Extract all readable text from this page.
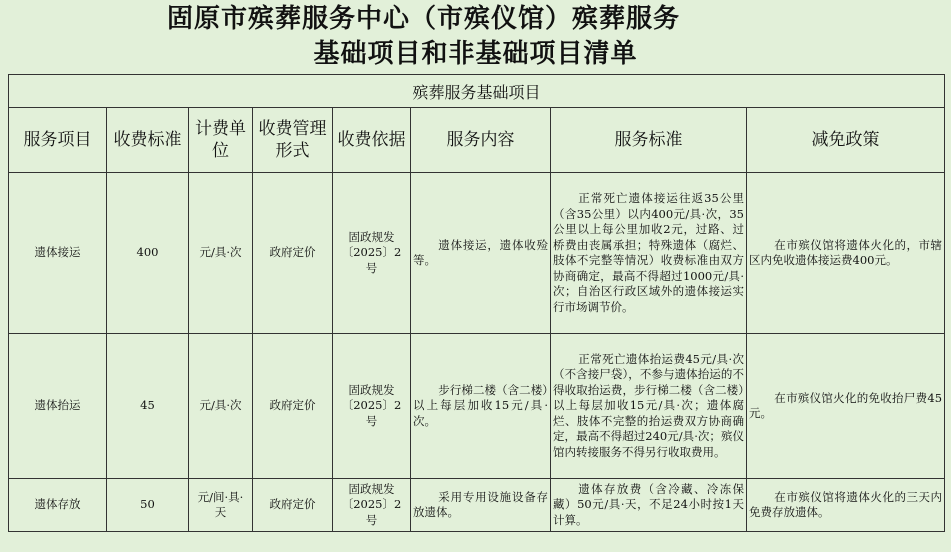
固原市殡葬服务中心（市殡仪馆）殡葬服务
基础项目和非基础项目清单
殡葬服务基础项目							
服务项目	收费标准	计费单位	收费管理形式	收费依据	服务内容	服务标准	减免政策
遗体接运	400	元/具·次	政府定价	固政规发〔2025〕2号	遗体接运，遗体收殓等。	正常死亡遗体接运往返35公里（含35公里）以内400元/具·次，35公里以上每公里加收2元，过路、过桥费由丧属承担；特殊遗体（腐烂、肢体不完整等情况）收费标准由双方协商确定，最高不得超过1000元/具·次；自治区行政区域外的遗体接运实行市场调节价。	在市殡仪馆将遗体火化的，市辖区内免收遗体接运费400元。
遗体抬运	45	元/具·次	政府定价	固政规发〔2025〕2号	步行梯二楼（含二楼）以上每层加收15元/具·次。	正常死亡遗体抬运费45元/具·次（不含接尸袋），不参与遗体抬运的不得收取抬运费，步行梯二楼（含二楼）以上每层加收15元/具·次；遗体腐烂、肢体不完整的抬运费双方协商确定，最高不得超过240元/具·次；殡仪馆内转接服务不得另行收取费用。	在市殡仪馆火化的免收抬尸费45元。
遗体存放	50	元/间·具·天	政府定价	固政规发〔2025〕2号	采用专用设施设备存放遗体。	遗体存放费（含冷藏、冷冻保藏）50元/具·天，不足24小时按1天计算。	在市殡仪馆将遗体火化的三天内免费存放遗体。
